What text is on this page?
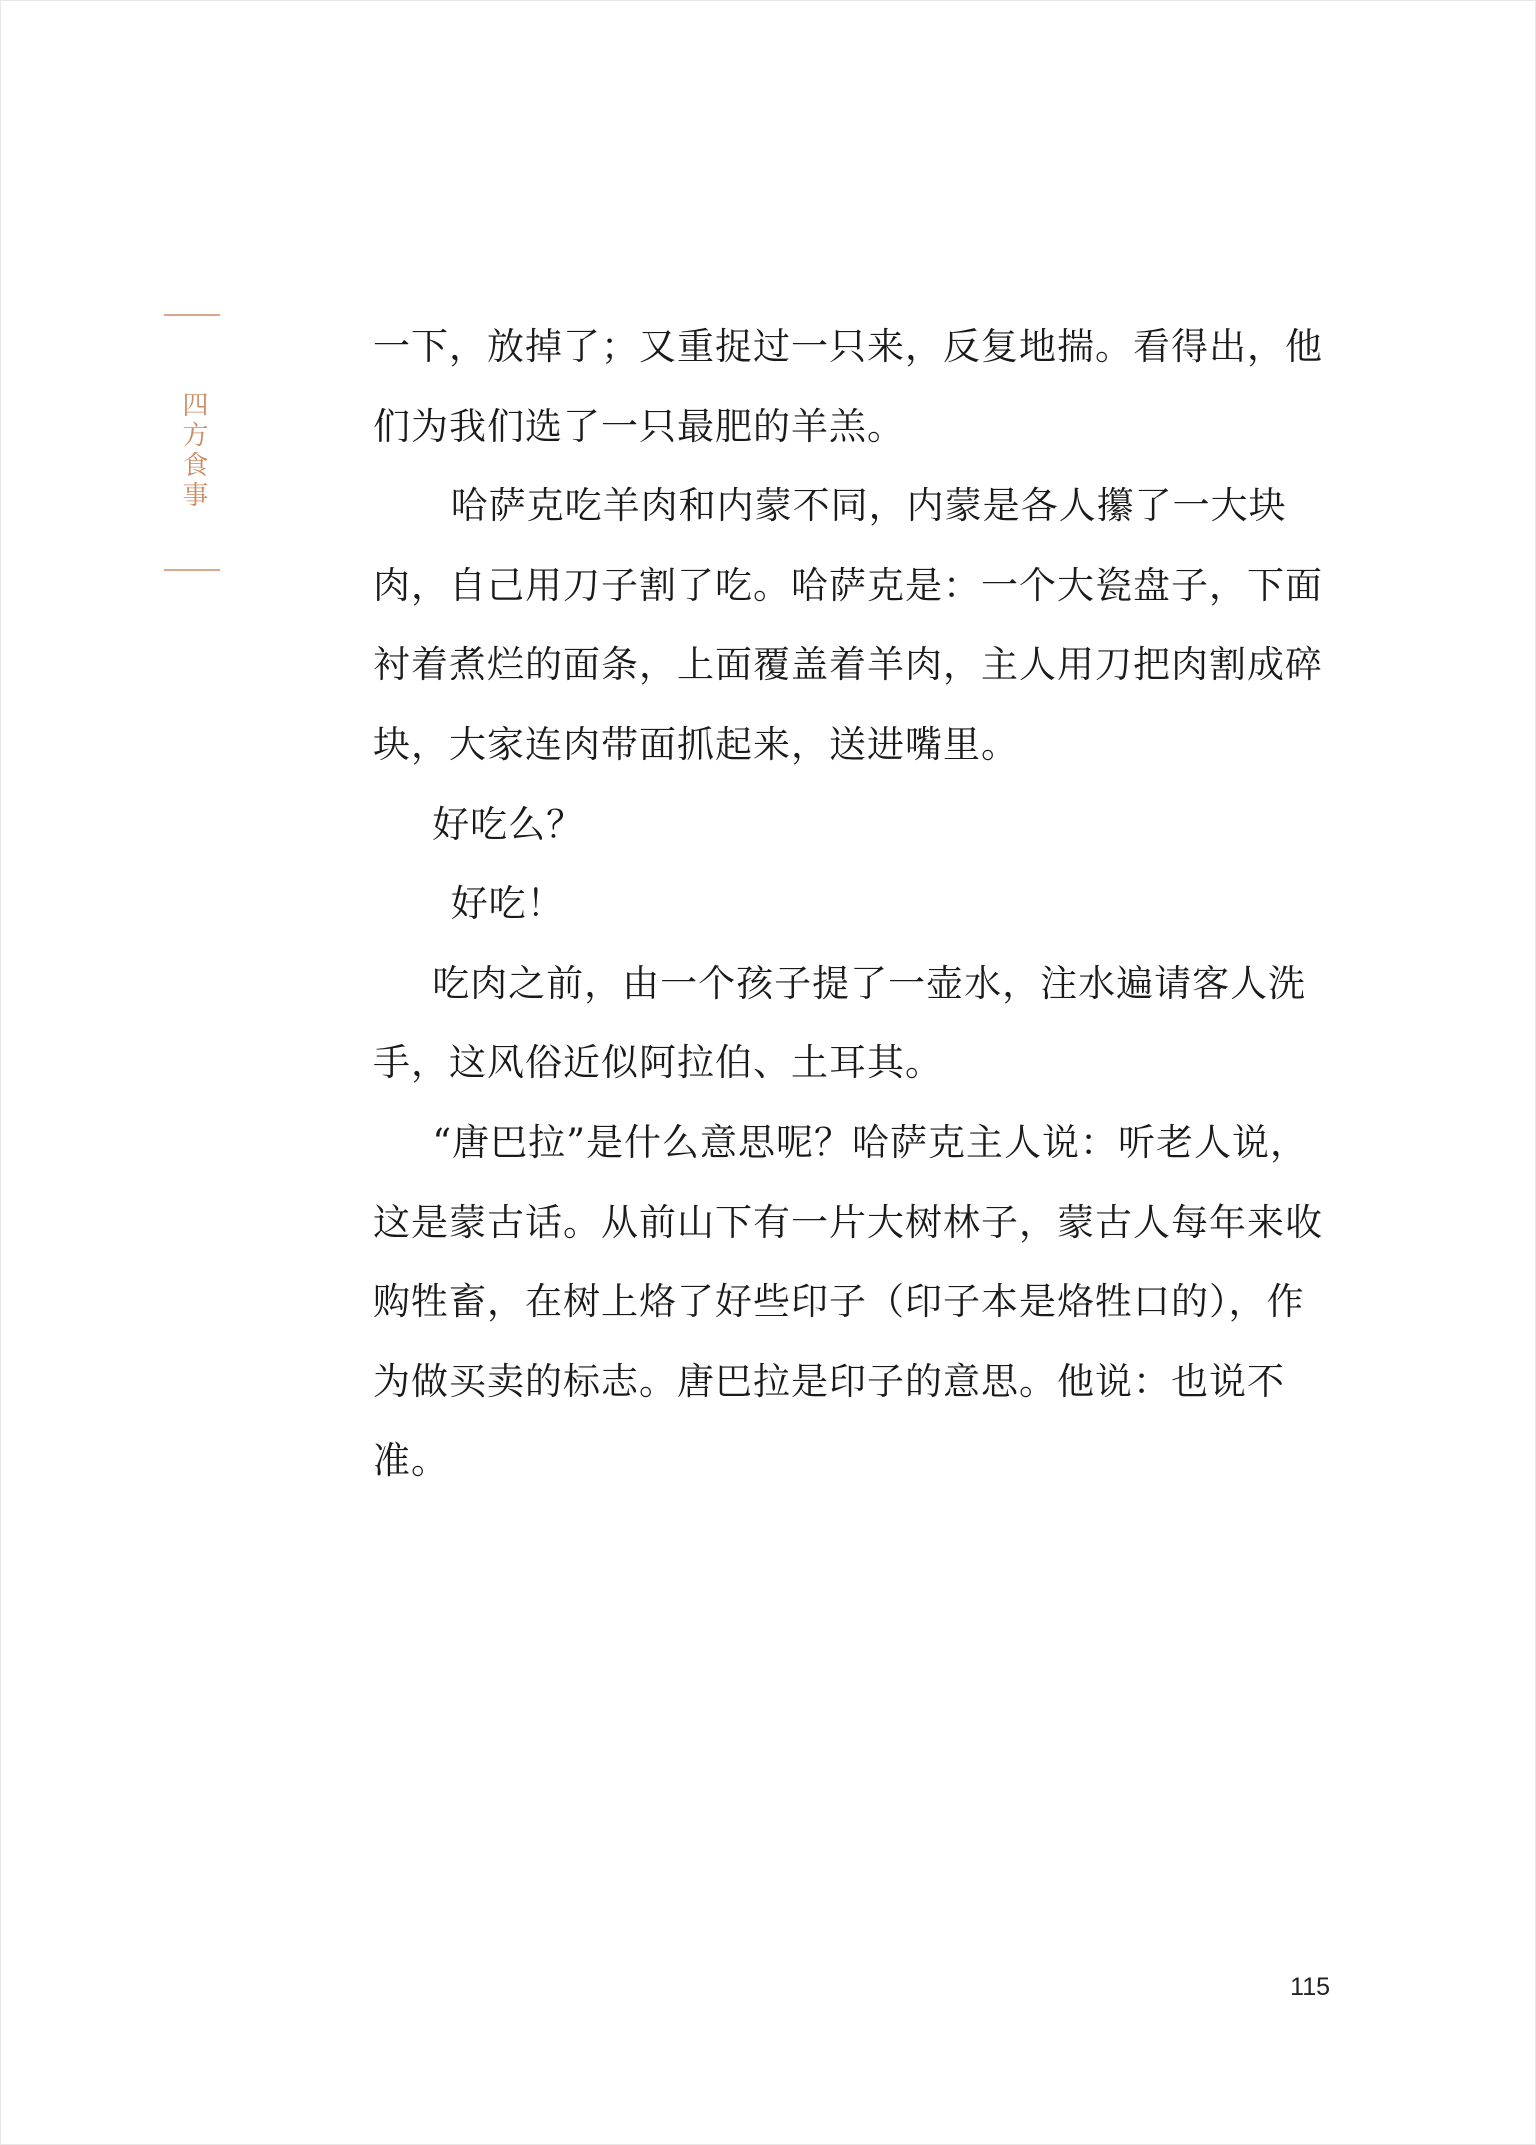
四方食事

一下，放掉了；又重捉过一只来，反复地揣。看得出，他们为我们选了一只最肥的羊羔。

哈萨克吃羊肉和内蒙不同，内蒙是各人攥了一大块肉，自己用刀子割了吃。哈萨克是：一个大瓷盘子，下面衬着煮烂的面条，上面覆盖着羊肉，主人用刀把肉割成碎块，大家连肉带面抓起来，送进嘴里。

好吃么？

好吃！

吃肉之前，由一个孩子提了一壶水，注水遍请客人洗手，这风俗近似阿拉伯、土耳其。

“唐巴拉”是什么意思呢？哈萨克主人说：听老人说，这是蒙古话。从前山下有一片大树林子，蒙古人每年来收购牲畜，在树上烙了好些印子（印子本是烙牲口的），作为做买卖的标志。唐巴拉是印子的意思。他说：也说不准。

115
